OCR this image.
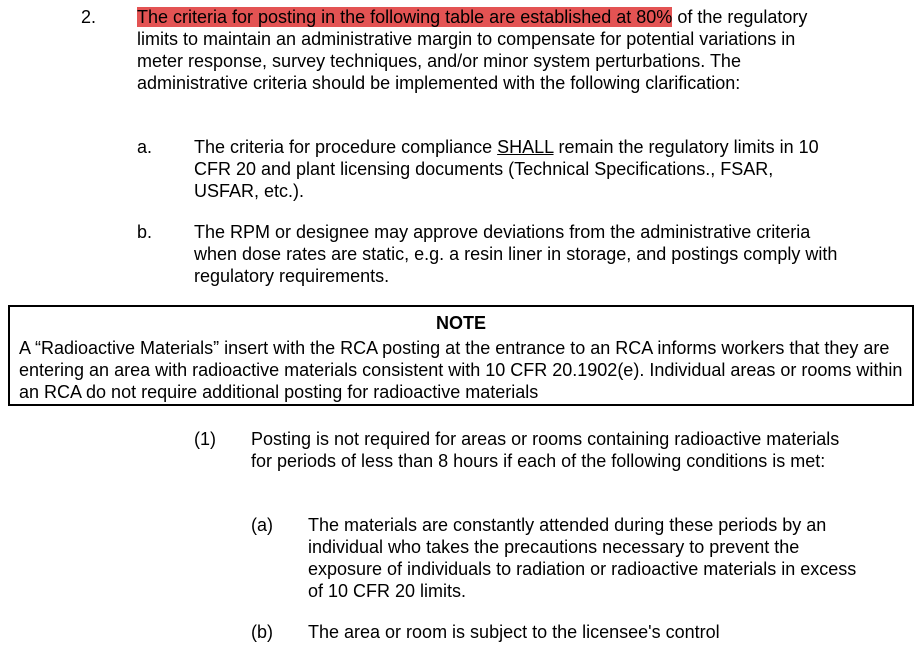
2. The criteria for posting in the following table are established at 80% of the regulatory limits to maintain an administrative margin to compensate for potential variations in meter response, survey techniques, and/or minor system perturbations. The administrative criteria should be implemented with the following clarification:
a. The criteria for procedure compliance SHALL remain the regulatory limits in 10 CFR 20 and plant licensing documents (Technical Specifications., FSAR, USFAR, etc.).
b. The RPM or designee may approve deviations from the administrative criteria when dose rates are static, e.g. a resin liner in storage, and postings comply with regulatory requirements.
NOTE
A “Radioactive Materials” insert with the RCA posting at the entrance to an RCA informs workers that they are entering an area with radioactive materials consistent with 10 CFR 20.1902(e). Individual areas or rooms within an RCA do not require additional posting for radioactive materials
(1) Posting is not required for areas or rooms containing radioactive materials for periods of less than 8 hours if each of the following conditions is met:
(a) The materials are constantly attended during these periods by an individual who takes the precautions necessary to prevent the exposure of individuals to radiation or radioactive materials in excess of 10 CFR 20 limits.
(b) The area or room is subject to the licensee's control
